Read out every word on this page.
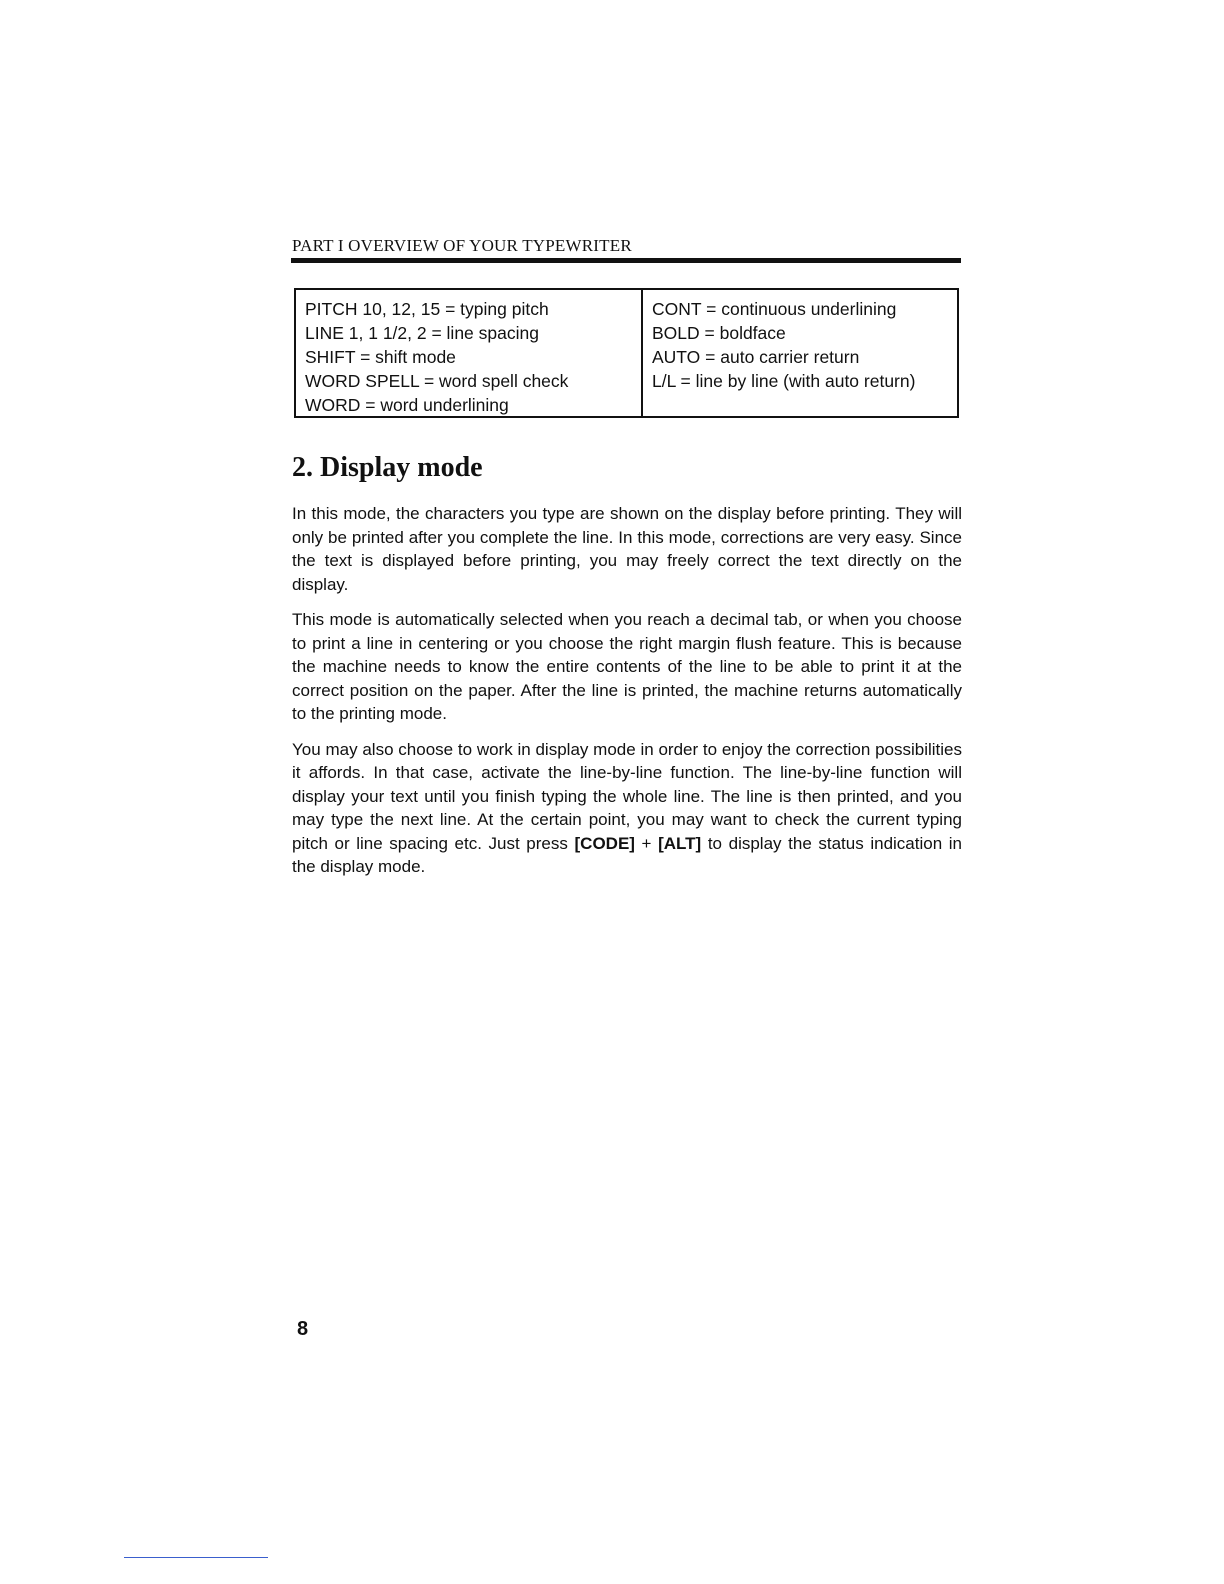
PART I OVERVIEW OF YOUR TYPEWRITER
PITCH 10, 12, 15 = typing pitch
LINE 1, 1 1/2, 2 = line spacing
SHIFT = shift mode
WORD SPELL = word spell check
WORD = word underlining
CONT = continuous underlining
BOLD = boldface
AUTO = auto carrier return
L/L = line by line (with auto return)
2. Display mode

In this mode, the characters you type are shown on the display before printing. They will only be printed after you complete the line. In this mode, corrections are very easy. Since the text is displayed before printing, you may freely correct the text directly on the display.

This mode is automatically selected when you reach a decimal tab, or when you choose to print a line in centering or you choose the right margin flush feature. This is because the machine needs to know the entire contents of the line to be able to print it at the correct position on the paper. After the line is printed, the machine returns automatically to the printing mode.

You may also choose to work in display mode in order to enjoy the correction possibilities it affords. In that case, activate the line-by-line function. The line-by-line function will display your text until you finish typing the whole line. The line is then printed, and you may type the next line. At the certain point, you may want to check the current typing pitch or line spacing etc. Just press [CODE] + [ALT] to display the status indication in the display mode.

8
